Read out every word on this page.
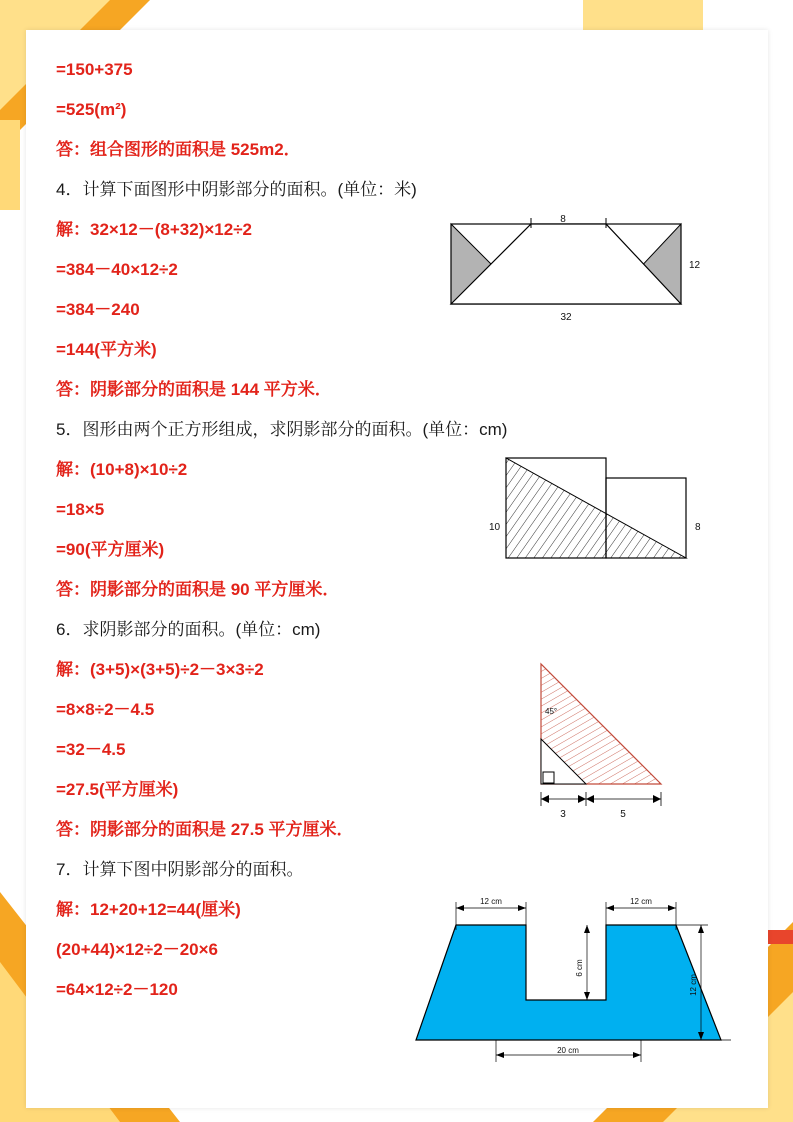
=150+375
=525(m²)
答：组合图形的面积是 525m2．
4．计算下面图形中阴影部分的面积。(单位：米)
解：32×12－(8+32)×12÷2
=384－40×12÷2
=384－240
=144(平方米)
答：阴影部分的面积是 144 平方米．
8
12
32
5．图形由两个正方形组成，求阴影部分的面积。(单位：cm)
解：(10+8)×10÷2
=18×5
=90(平方厘米)
答：阴影部分的面积是 90 平方厘米．
10	8
6．求阴影部分的面积。(单位：cm)
解：(3+5)×(3+5)÷2－3×3÷2
=8×8÷2－4.5
=32－4.5
=27.5(平方厘米)
答：阴影部分的面积是 27.5 平方厘米．
45°
3	5
7．计算下图中阴影部分的面积。
解：12+20+12=44(厘米)
(20+44)×12÷2－20×6
=64×12÷2－120
12 cm	12 cm
6 cm
12 cm
20 cm
